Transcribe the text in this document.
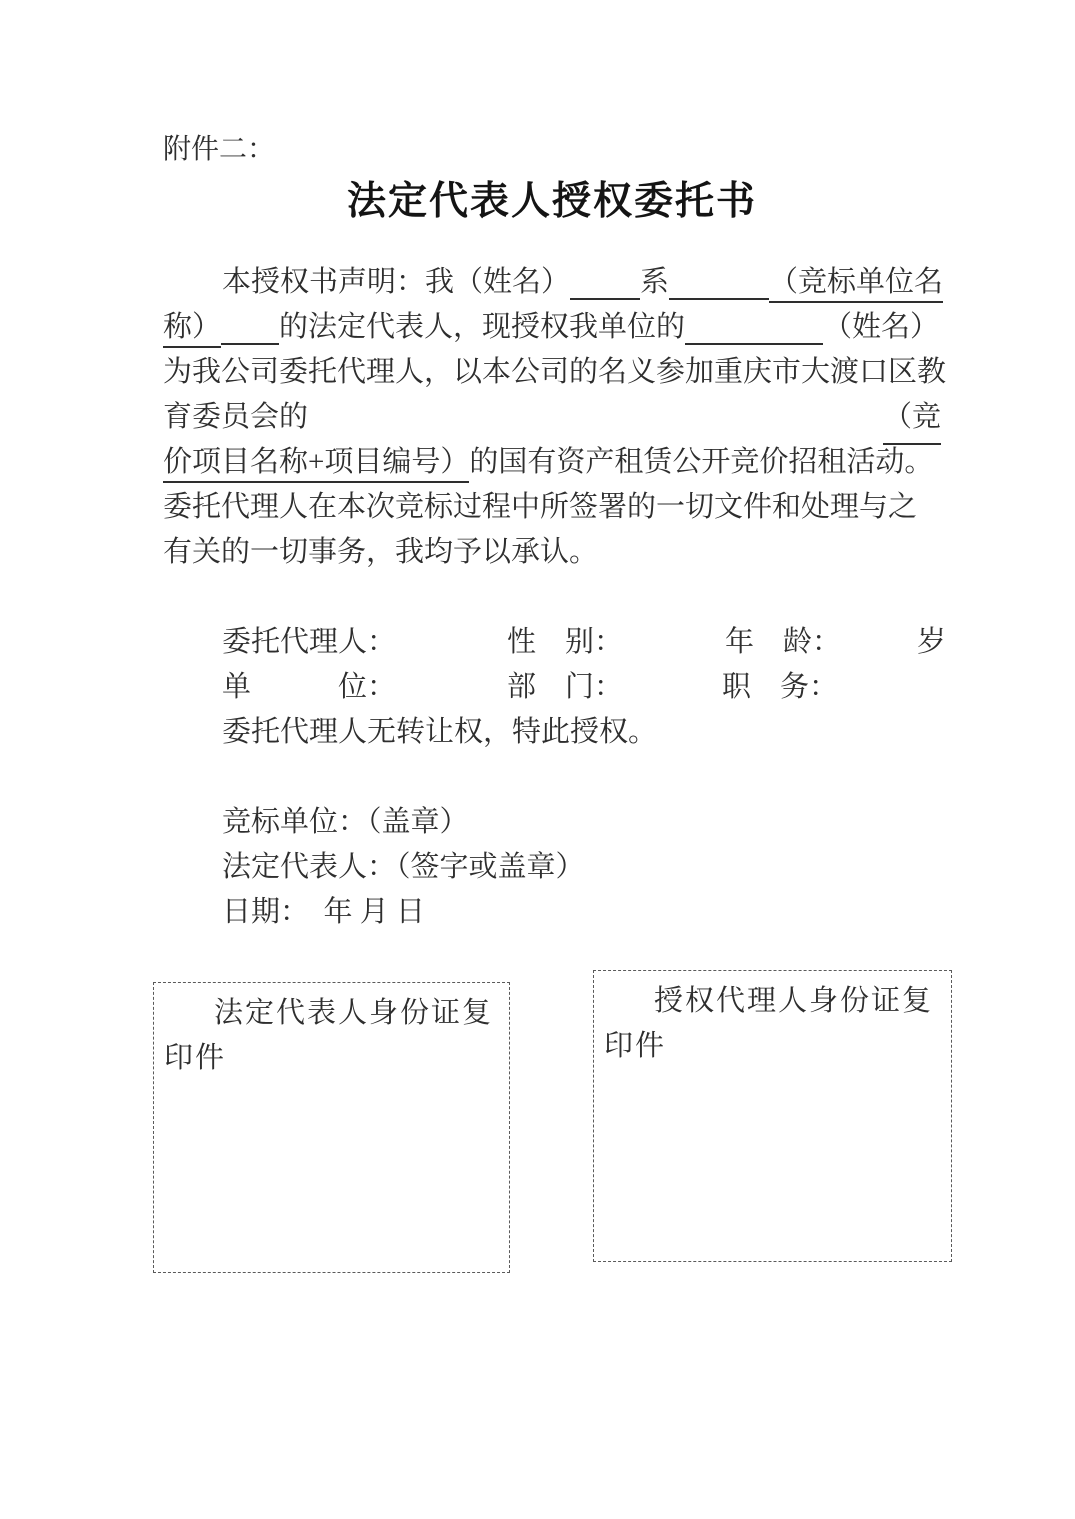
附件二：
法定代表人授权委托书
本授权书声明：我（姓名） 系	（竞标单位名
称） 的法定代表人，现授权我单位的	（姓名）
为我公司委托代理人，以本公司的名义参加重庆市大渡口区教
育委员会的	（竞
价项目名称+项目编号）的国有资产租赁公开竞价招租活动。
委托代理人在本次竞标过程中所签署的一切文件和处理与之
有关的一切事务，我均予以承认。
委托代理人：	性　别：	年　龄：	岁
单　　　位：	部　门：	职　务：
委托代理人无转让权，特此授权。
竞标单位：（盖章）
法定代表人：（签字或盖章）
日期：  年 月 日
法定代表人身份证复印件
授权代理人身份证复印件
